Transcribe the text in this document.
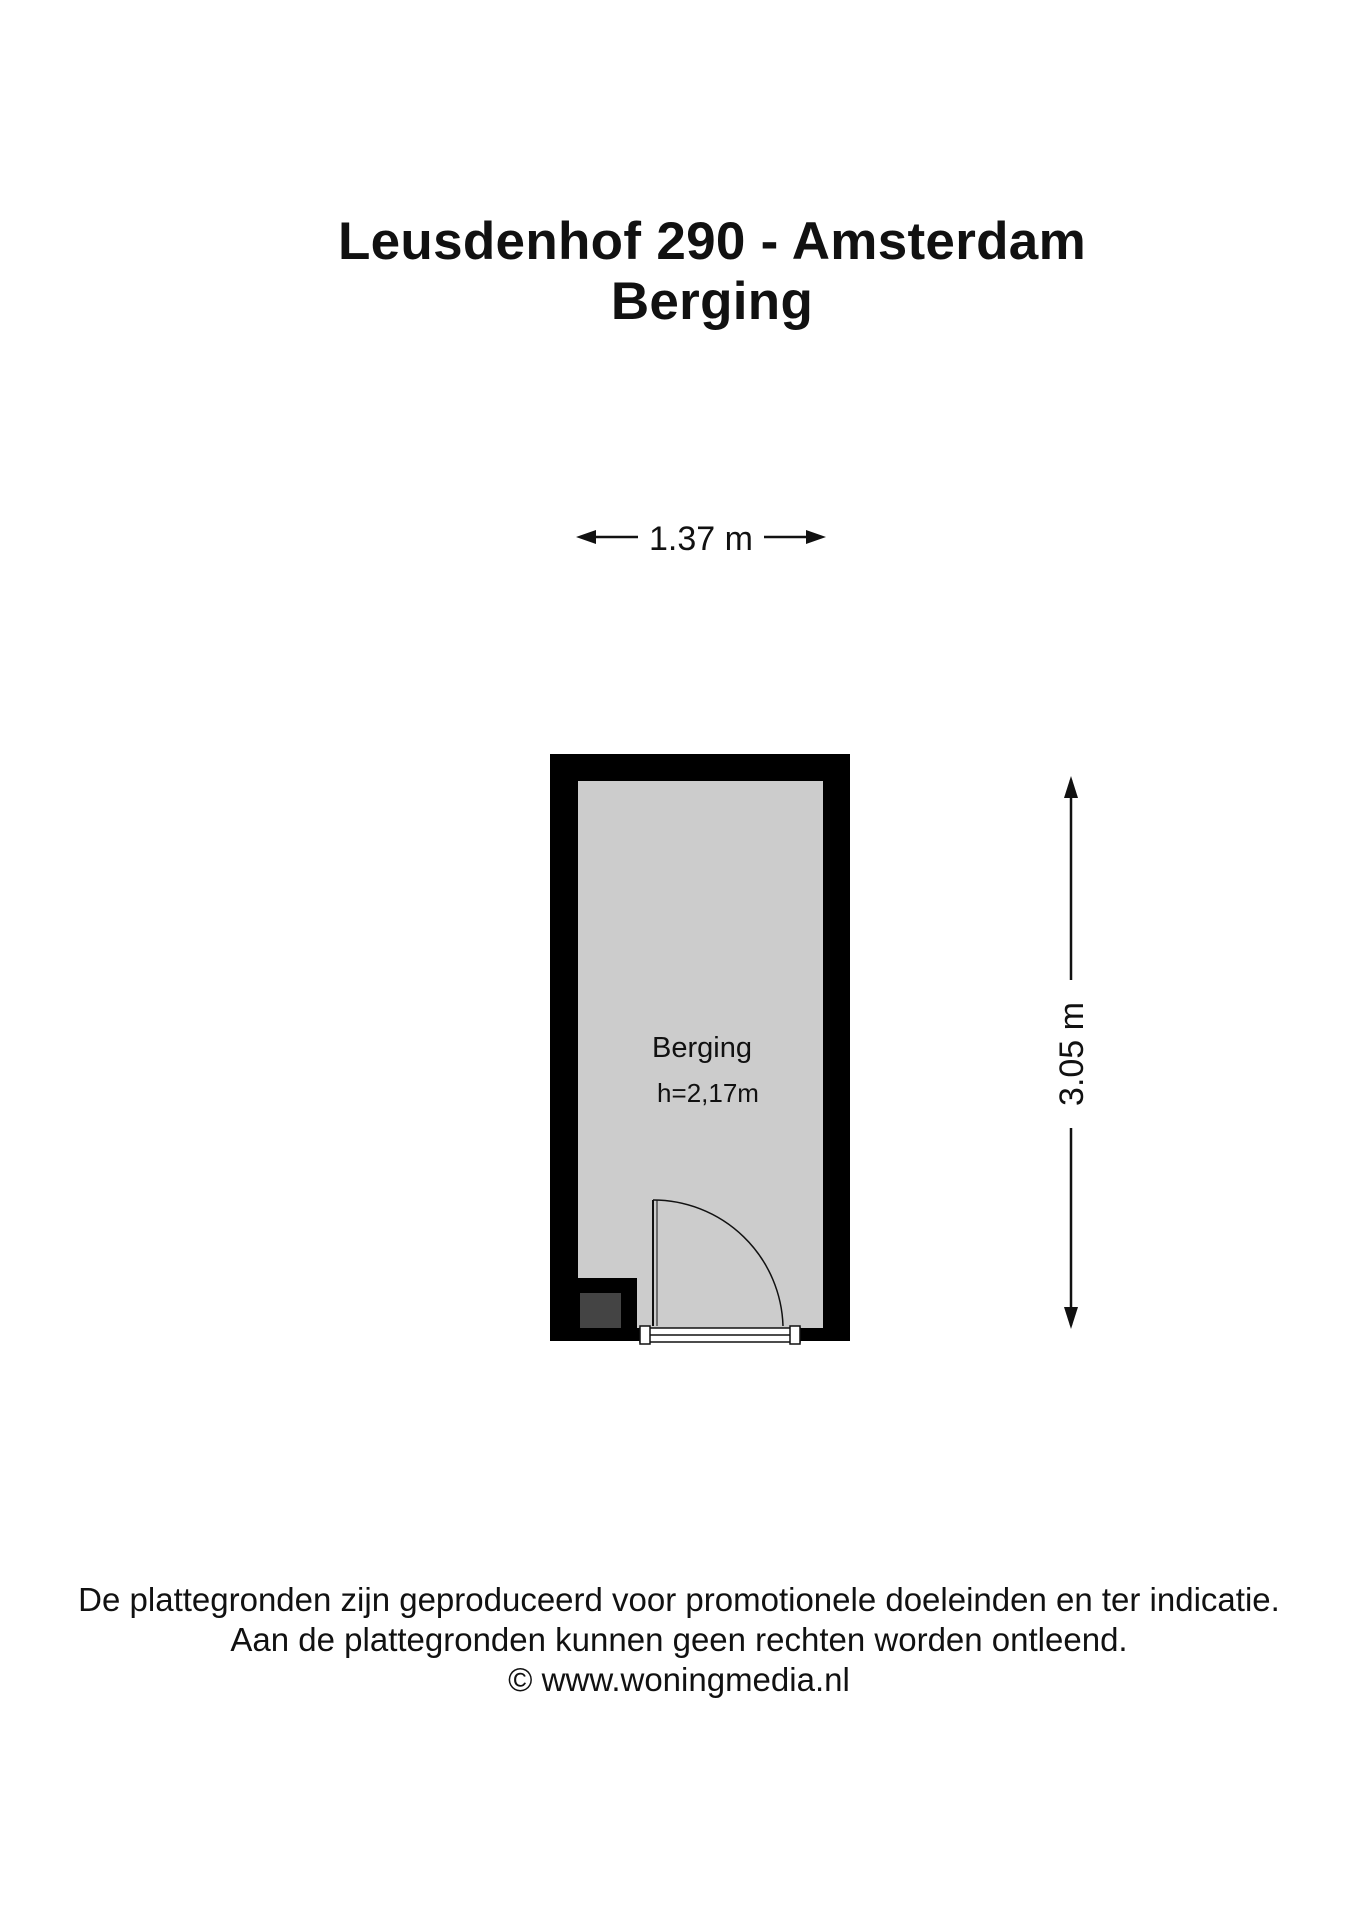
Leusdenhof 290 - Amsterdam
Berging
1.37 m
Berging
h=2,17m	3.05 m
De plattegronden zijn geproduceerd voor promotionele doeleinden en ter indicatie.
Aan de plattegronden kunnen geen rechten worden ontleend.
© www.woningmedia.nl
